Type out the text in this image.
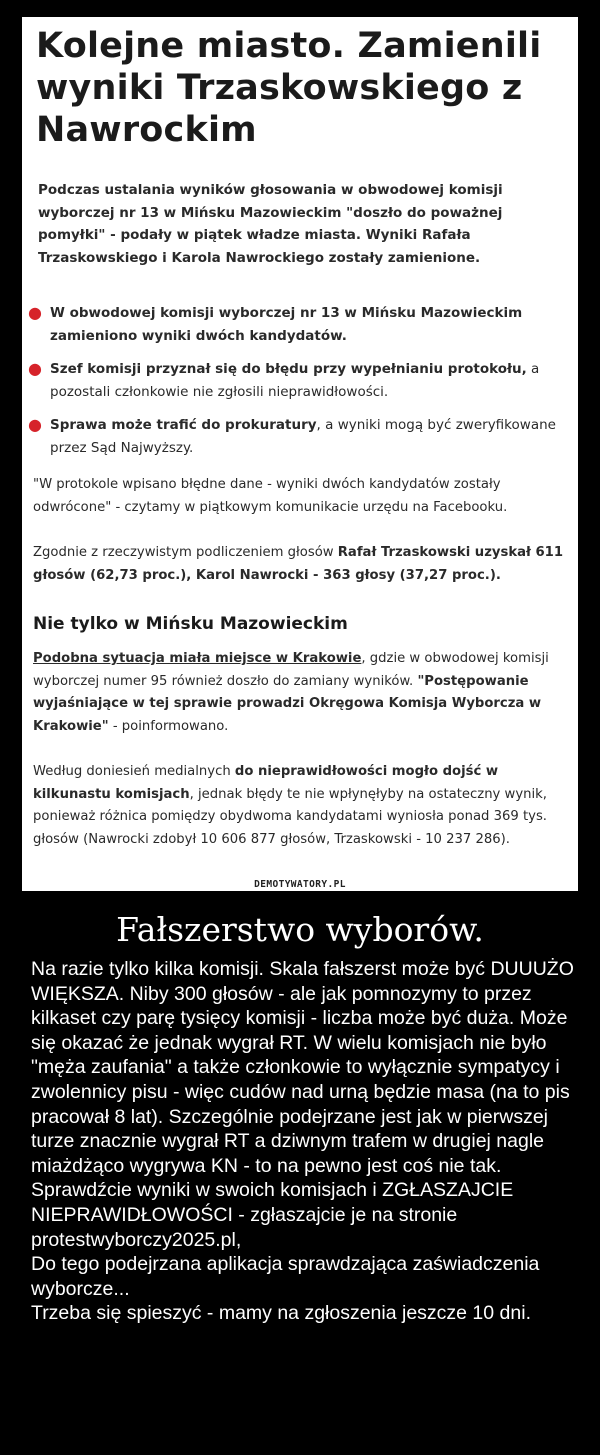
Kolejne miasto. Zamienili wyniki Trzaskowskiego z Nawrockim
Podczas ustalania wyników głosowania w obwodowej komisji wyborczej nr 13 w Mińsku Mazowieckim "doszło do poważnej pomyłki" - podały w piątek władze miasta. Wyniki Rafała Trzaskowskiego i Karola Nawrockiego zostały zamienione.
● W obwodowej komisji wyborczej nr 13 w Mińsku Mazowieckim zamieniono wyniki dwóch kandydatów.
● Szef komisji przyznał się do błędu przy wypełnianiu protokołu, a pozostali członkowie nie zgłosili nieprawidłowości.
● Sprawa może trafić do prokuratury, a wyniki mogą być zweryfikowane przez Sąd Najwyższy.
"W protokole wpisano błędne dane - wyniki dwóch kandydatów zostały odwrócone" - czytamy w piątkowym komunikacie urzędu na Facebooku.
Zgodnie z rzeczywistym podliczeniem głosów Rafał Trzaskowski uzyskał 611 głosów (62,73 proc.), Karol Nawrocki - 363 głosy (37,27 proc.).
Nie tylko w Mińsku Mazowieckim
Podobna sytuacja miała miejsce w Krakowie, gdzie w obwodowej komisji wyborczej numer 95 również doszło do zamiany wyników. "Postępowanie wyjaśniające w tej sprawie prowadzi Okręgowa Komisja Wyborcza w Krakowie" - poinformowano.
Według doniesień medialnych do nieprawidłowości mogło dojść w kilkunastu komisjach, jednak błędy te nie wpłynęłyby na ostateczny wynik, ponieważ różnica pomiędzy obydwoma kandydatami wyniosła ponad 369 tys. głosów (Nawrocki zdobył 10 606 877 głosów, Trzaskowski - 10 237 286).
DEMOTYWATORY.PL
Fałszerstwo wyborów.
Na razie tylko kilka komisji. Skala fałszerst może być DUUUŻO WIĘKSZA. Niby 300 głosów - ale jak pomnozymy to przez kilkaset czy parę tysięcy komisji - liczba może być duża. Może się okazać że jednak wygrał RT. W wielu komisjach nie było "męża zaufania" a także członkowie to wyłącznie sympatycy i zwolennicy pisu - więc cudów nad urną będzie masa (na to pis pracował 8 lat). Szczególnie podejrzane jest jak w pierwszej turze znacznie wygrał RT a dziwnym trafem w drugiej nagle miażdżąco wygrywa KN - to na pewno jest coś nie tak.
Sprawdźcie wyniki w swoich komisjach i ZGŁASZAJCIE NIEPRAWIDŁOWOŚCI - zgłaszajcie je na stronie protestwyborczy2025.pl,
Do tego podejrzana aplikacja sprawdzająca zaświadczenia wyborcze...
Trzeba się spieszyć - mamy na zgłoszenia jeszcze 10 dni.
